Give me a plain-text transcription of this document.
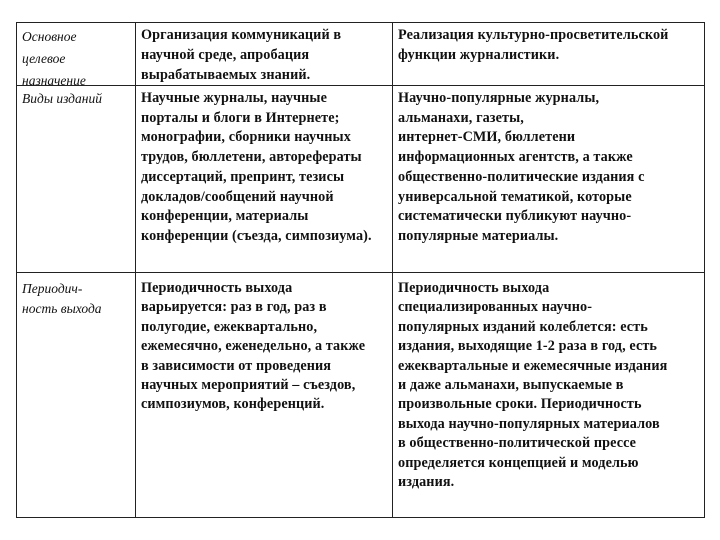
Основное
целевое
назначение
Организация коммуникаций в
научной среде, апробация
вырабатываемых знаний.
Реализация культурно-просветительской
функции журналистики.
Виды изданий	Научные журналы, научные
порталы и блоги в Интернете;
монографии, сборники научных
трудов, бюллетени, авторефераты
диссертаций, препринт, тезисы
докладов/сообщений научной
конференции, материалы
конференции (съезда, симпозиума).
Научно-популярные журналы,
альманахи, газеты,
интернет-СМИ, бюллетени
информационных агентств, а также
общественно-политические издания с
универсальной тематикой, которые
систематически публикуют научно-
популярные материалы.
Периодич-
ность выхода
Периодичность выхода
варьируется: раз в год, раз в
полугодие, ежеквартально,
ежемесячно, еженедельно, а также
в зависимости от проведения
научных мероприятий – съездов,
симпозиумов, конференций.
Периодичность выхода
специализированных научно-
популярных изданий колеблется: есть
издания, выходящие 1-2 раза в год, есть
ежеквартальные и ежемесячные издания
и даже альманахи, выпускаемые в
произвольные сроки. Периодичность
выхода научно-популярных материалов
в общественно-политической прессе
определяется концепцией и моделью
издания.
